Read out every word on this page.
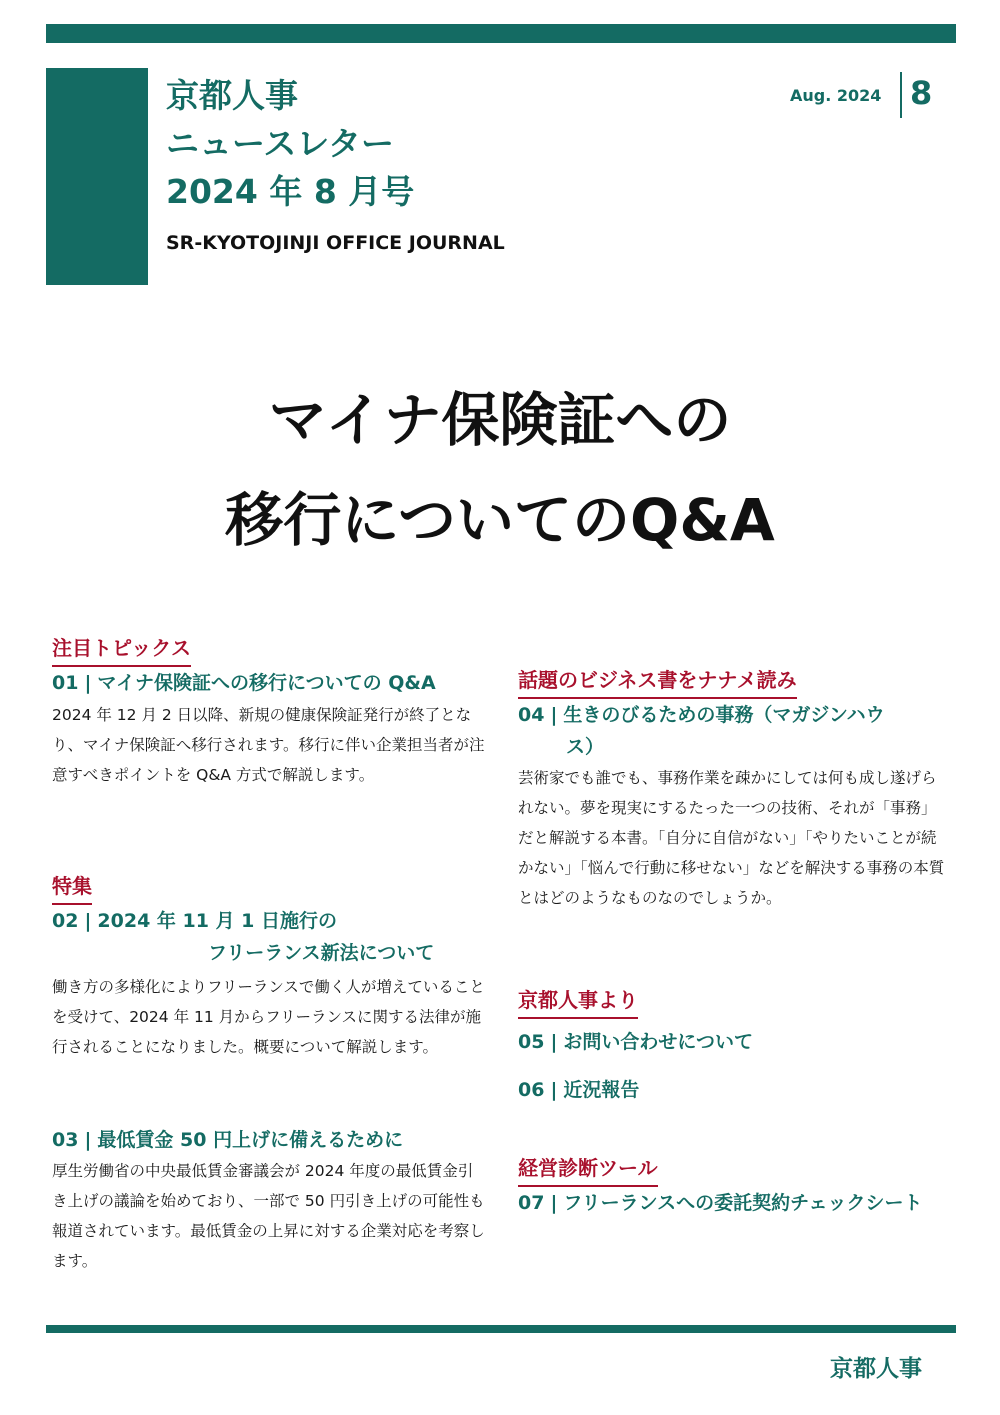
京都人事
ニュースレター
2024 年 8 月号
SR-KYOTOJINJI OFFICE JOURNAL
Aug. 2024 8
マイナ保険証への
移行についてのQ&A
注目トピックス
01 | マイナ保険証への移行についての Q&A
2024 年 12 月 2 日以降、新規の健康保険証発行が終了となり、マイナ保険証へ移行されます。移行に伴い企業担当者が注意すべきポイントを Q&A 方式で解説します。
特集
02 | 2024 年 11 月 1 日施行の
フリーランス新法について
働き方の多様化によりフリーランスで働く人が増えていることを受けて、2024 年 11 月からフリーランスに関する法律が施行されることになりました。概要について解説します。
03 | 最低賃金 50 円上げに備えるために
厚生労働省の中央最低賃金審議会が 2024 年度の最低賃金引き上げの議論を始めており、一部で 50 円引き上げの可能性も報道されています。最低賃金の上昇に対する企業対応を考察します。
話題のビジネス書をナナメ読み
04 | 生きのびるための事務（マガジンハウ
ス）
芸術家でも誰でも、事務作業を疎かにしては何も成し遂げられない。夢を現実にするたった一つの技術、それが「事務」だと解説する本書。「自分に自信がない」「やりたいことが続かない」「悩んで行動に移せない」などを解決する事務の本質とはどのようなものなのでしょうか。
京都人事より
05 | お問い合わせについて
06 | 近況報告
経営診断ツール
07 | フリーランスへの委託契約チェックシート
京都人事
